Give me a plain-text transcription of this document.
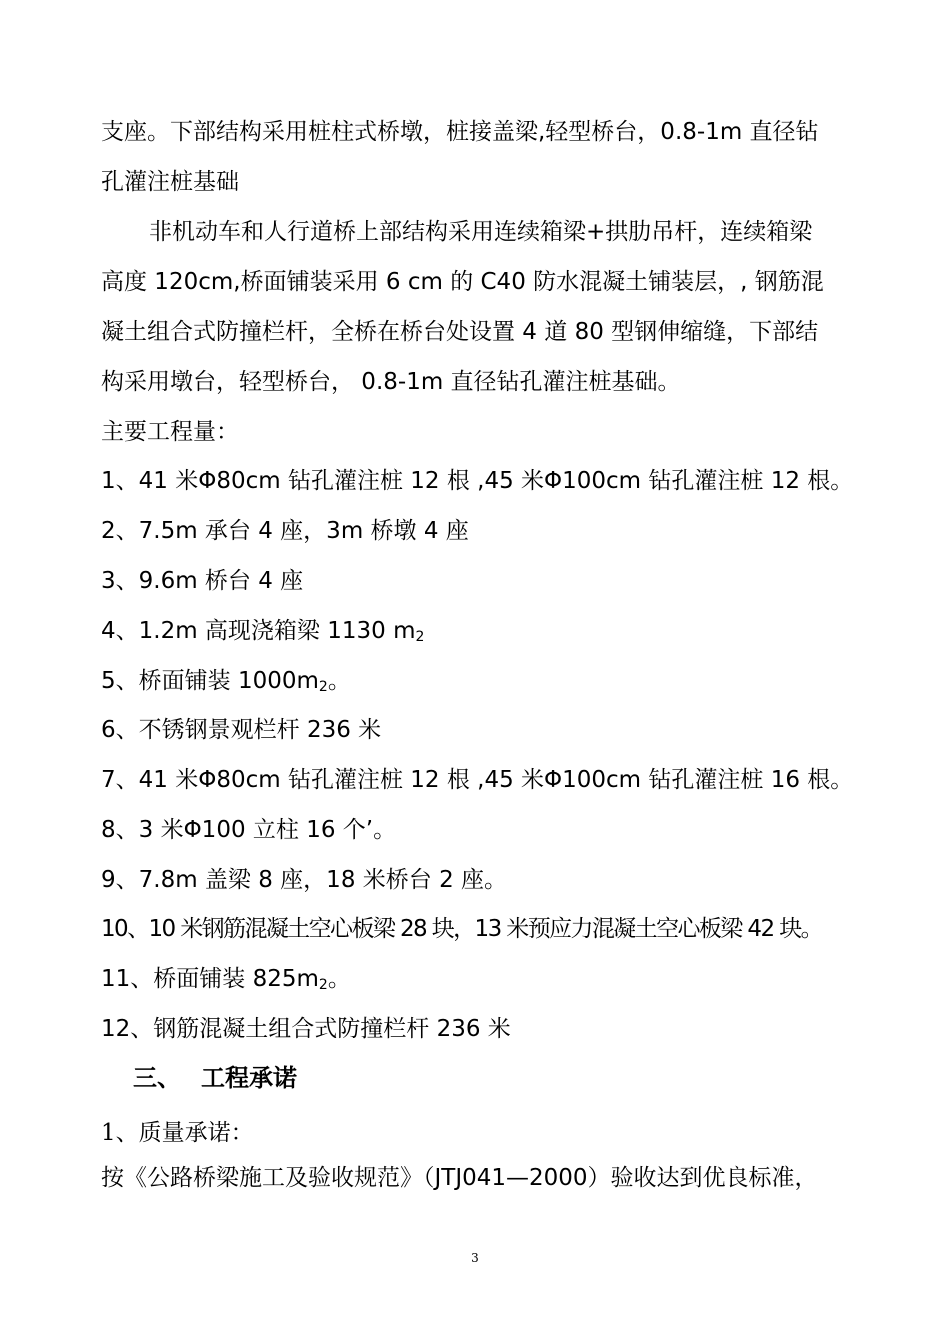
支座。下部结构采用桩柱式桥墩，桩接盖梁,轻型桥台，0.8-1m 直径钻
孔灌注桩基础
非机动车和人行道桥上部结构采用连续箱梁+拱肋吊杆，连续箱梁
高度 120cm,桥面铺装采用 6 cm 的 C40 防水混凝土铺装层，, 钢筋混
凝土组合式防撞栏杆，全桥在桥台处设置 4 道 80 型钢伸缩缝，下部结
构采用墩台，轻型桥台， 0.8-1m 直径钻孔灌注桩基础。
主要工程量：
1、41 米Φ80cm 钻孔灌注桩 12 根 ,45 米Φ100cm 钻孔灌注桩 12 根。
2、7.5m 承台 4 座，3m 桥墩 4 座
3、9.6m 桥台 4 座
4、1.2m 高现浇箱梁 1130 $m_2$
5、桥面铺装 $1000m_2$。
6、不锈钢景观栏杆 236 米
7、41 米Φ80cm 钻孔灌注桩 12 根 ,45 米Φ100cm 钻孔灌注桩 16 根。
8、3 米Φ100 立柱 16 个’。
9、7.8m 盖梁 8 座，18 米桥台 2 座。
10、10 米钢筋混凝土空心板梁 28 块，13 米预应力混凝土空心板梁 42 块。
11、桥面铺装 $825m_2$。
12、钢筋混凝土组合式防撞栏杆 236 米
三、 工程承诺
1、质量承诺：
按《公路桥梁施工及验收规范》（JTJ041—2000）验收达到优良标准，
3
